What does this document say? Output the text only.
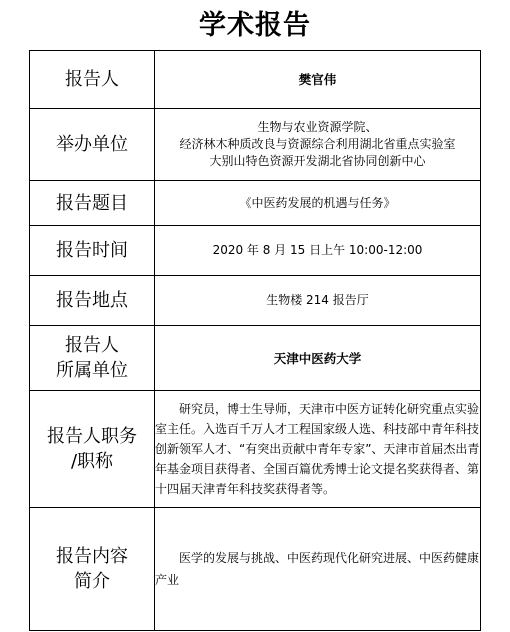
学术报告
报告人	樊官伟
举办单位	生物与农业资源学院、
经济林木种质改良与资源综合利用湖北省重点实验室
大别山特色资源开发湖北省协同创新中心

报告题目	《中医药发展的机遇与任务》
报告时间	2020 年 8 月 15 日上午 10:00-12:00
报告地点	生物楼 214 报告厅

报告人
所属单位	天津中医药大学

报告人职务
/职称	研究员，博士生导师，天津市中医方证转化研究重点实验室主任。入选百千万人才工程国家级人选、科技部中青年科技创新领军人才、“有突出贡献中青年专家”、天津市首届杰出青年基金项目获得者、全国百篇优秀博士论文提名奖获得者、第十四届天津青年科技奖获得者等。

报告内容
简介	医学的发展与挑战、中医药现代化研究进展、中医药健康产业
